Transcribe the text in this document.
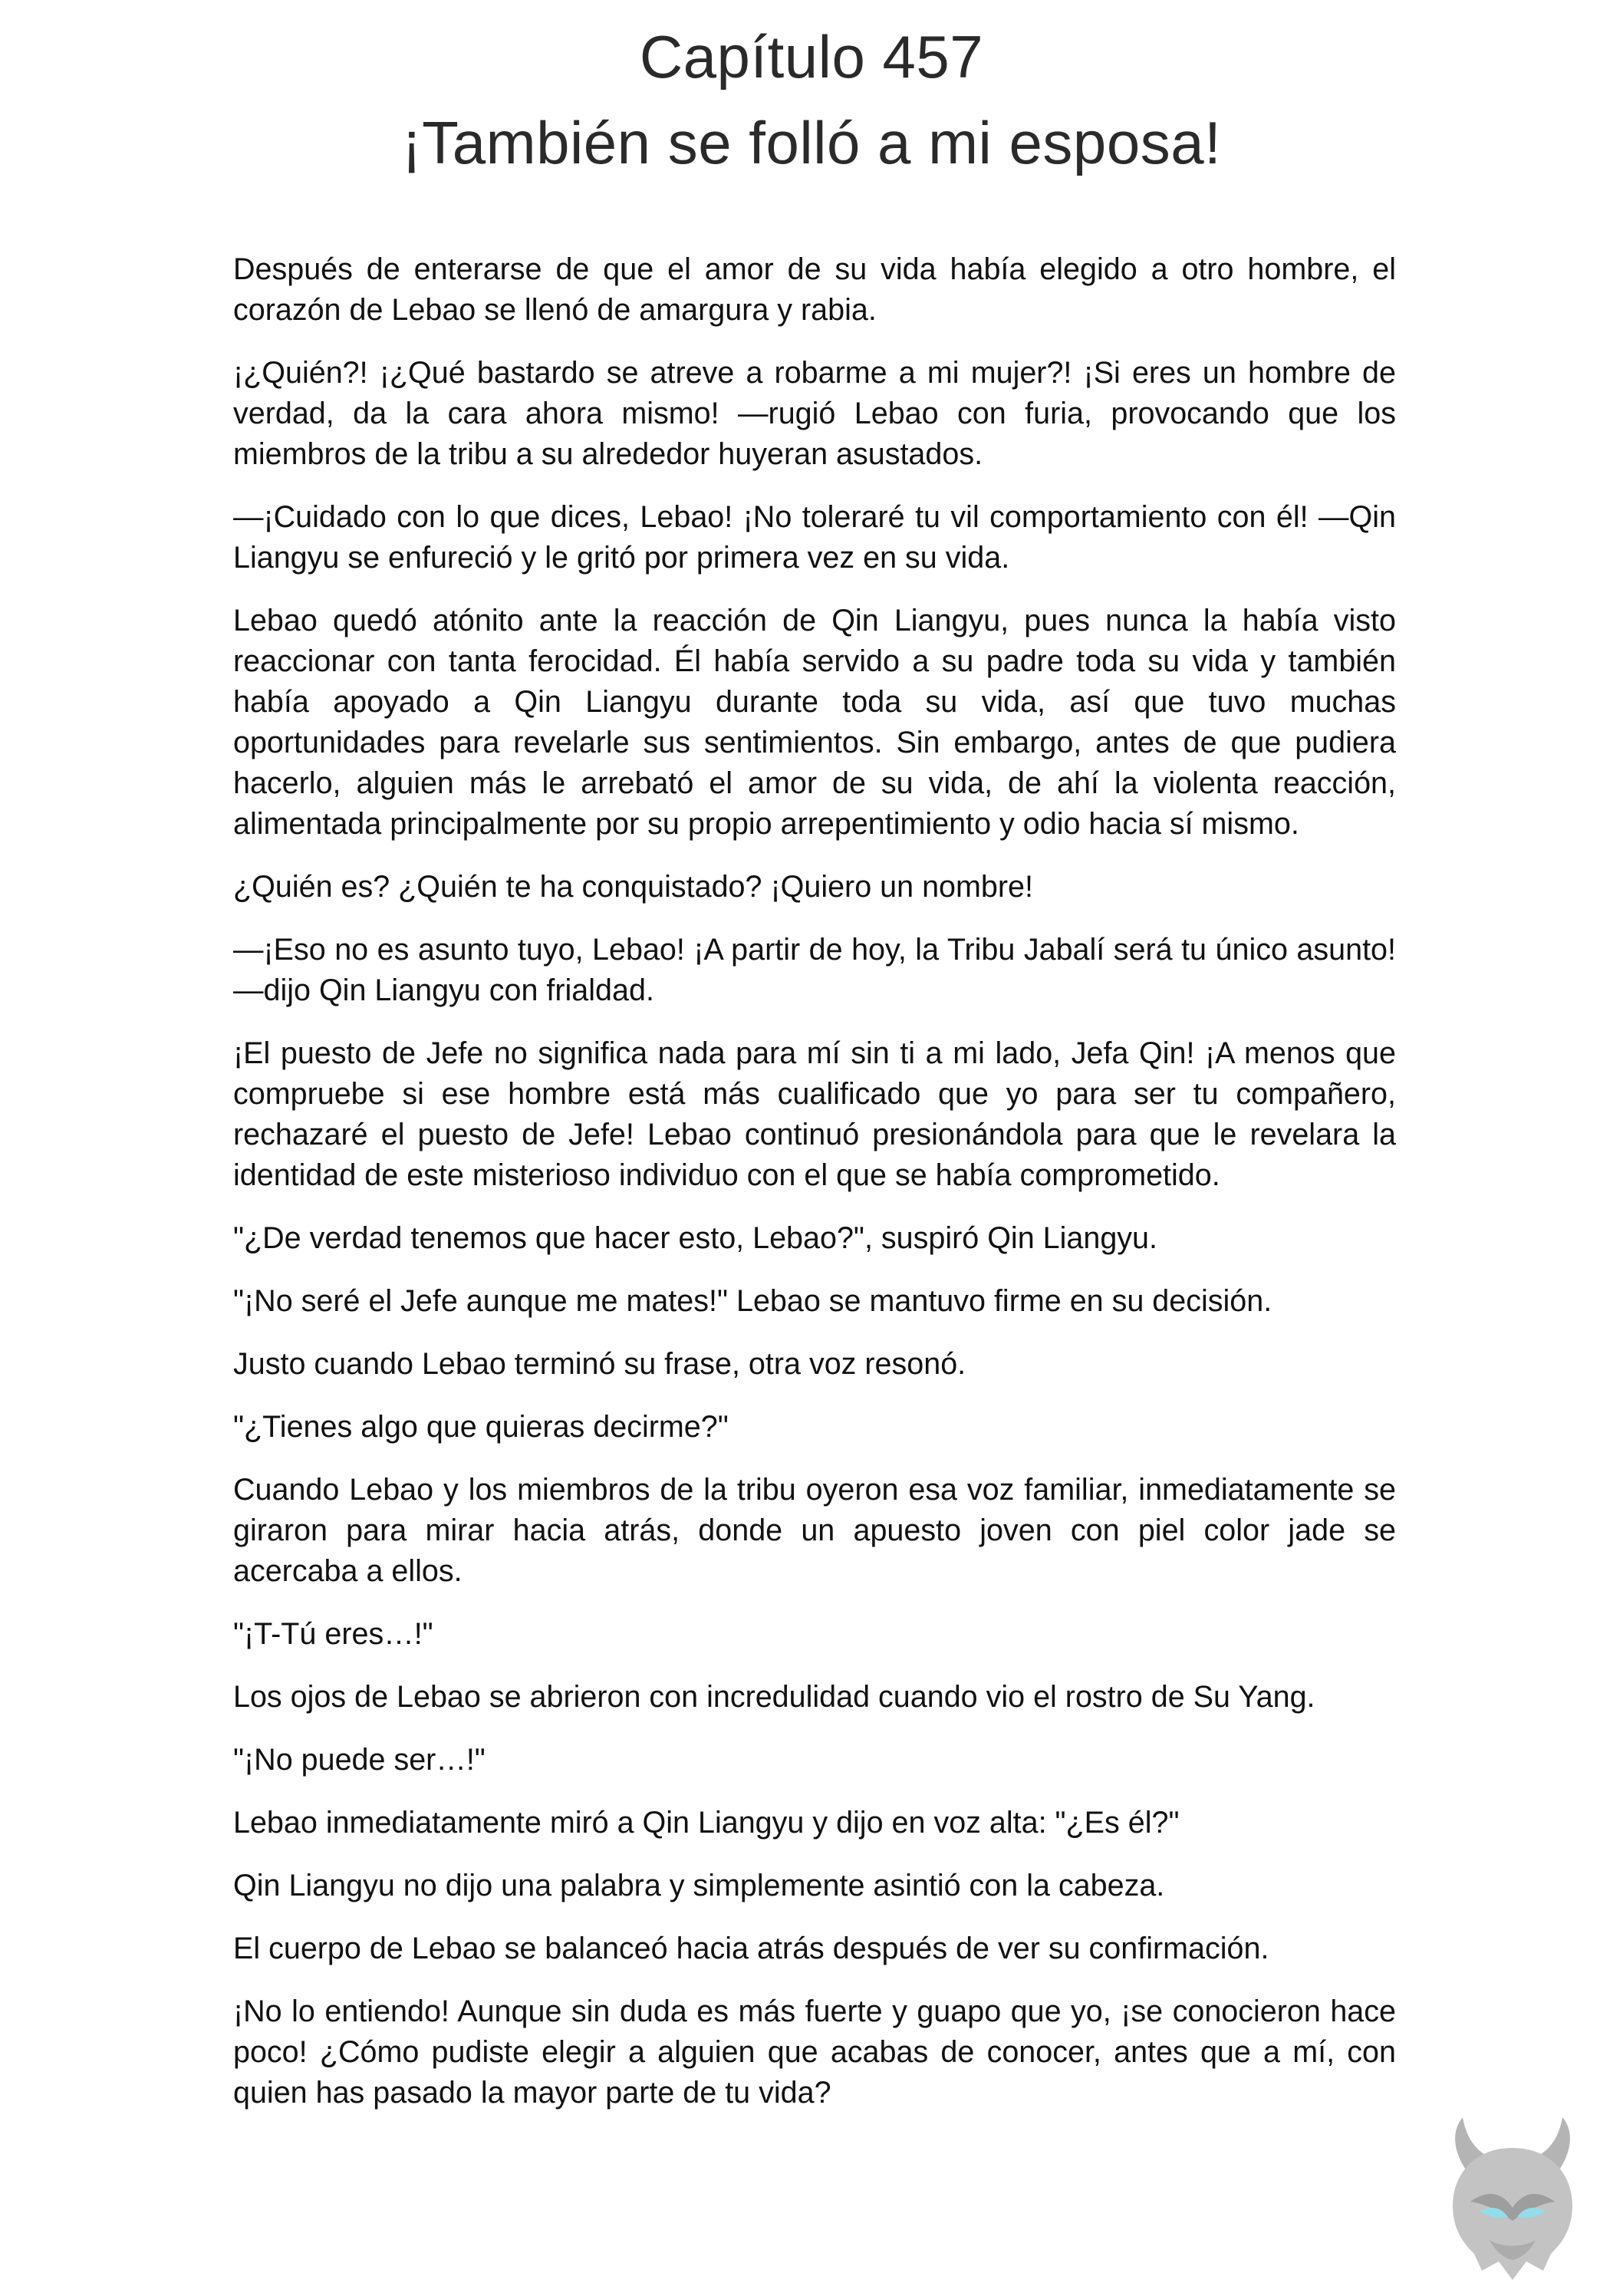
Capítulo 457
¡También se folló a mi esposa!

Después de enterarse de que el amor de su vida había elegido a otro hombre, el corazón de Lebao se llenó de amargura y rabia.

¡¿Quién?! ¡¿Qué bastardo se atreve a robarme a mi mujer?! ¡Si eres un hombre de verdad, da la cara ahora mismo! —rugió Lebao con furia, provocando que los miembros de la tribu a su alrededor huyeran asustados.

—¡Cuidado con lo que dices, Lebao! ¡No toleraré tu vil comportamiento con él! —Qin Liangyu se enfureció y le gritó por primera vez en su vida.

Lebao quedó atónito ante la reacción de Qin Liangyu, pues nunca la había visto reaccionar con tanta ferocidad. Él había servido a su padre toda su vida y también había apoyado a Qin Liangyu durante toda su vida, así que tuvo muchas oportunidades para revelarle sus sentimientos. Sin embargo, antes de que pudiera hacerlo, alguien más le arrebató el amor de su vida, de ahí la violenta reacción, alimentada principalmente por su propio arrepentimiento y odio hacia sí mismo.

¿Quién es? ¿Quién te ha conquistado? ¡Quiero un nombre!

—¡Eso no es asunto tuyo, Lebao! ¡A partir de hoy, la Tribu Jabalí será tu único asunto! —dijo Qin Liangyu con frialdad.

¡El puesto de Jefe no significa nada para mí sin ti a mi lado, Jefa Qin! ¡A menos que compruebe si ese hombre está más cualificado que yo para ser tu compañero, rechazaré el puesto de Jefe! Lebao continuó presionándola para que le revelara la identidad de este misterioso individuo con el que se había comprometido.

"¿De verdad tenemos que hacer esto, Lebao?", suspiró Qin Liangyu.

"¡No seré el Jefe aunque me mates!" Lebao se mantuvo firme en su decisión.

Justo cuando Lebao terminó su frase, otra voz resonó.

"¿Tienes algo que quieras decirme?"

Cuando Lebao y los miembros de la tribu oyeron esa voz familiar, inmediatamente se giraron para mirar hacia atrás, donde un apuesto joven con piel color jade se acercaba a ellos.

"¡T-Tú eres…!"

Los ojos de Lebao se abrieron con incredulidad cuando vio el rostro de Su Yang.

"¡No puede ser…!"

Lebao inmediatamente miró a Qin Liangyu y dijo en voz alta: "¿Es él?"

Qin Liangyu no dijo una palabra y simplemente asintió con la cabeza.

El cuerpo de Lebao se balanceó hacia atrás después de ver su confirmación.

¡No lo entiendo! Aunque sin duda es más fuerte y guapo que yo, ¡se conocieron hace poco! ¿Cómo pudiste elegir a alguien que acabas de conocer, antes que a mí, con quien has pasado la mayor parte de tu vida?
